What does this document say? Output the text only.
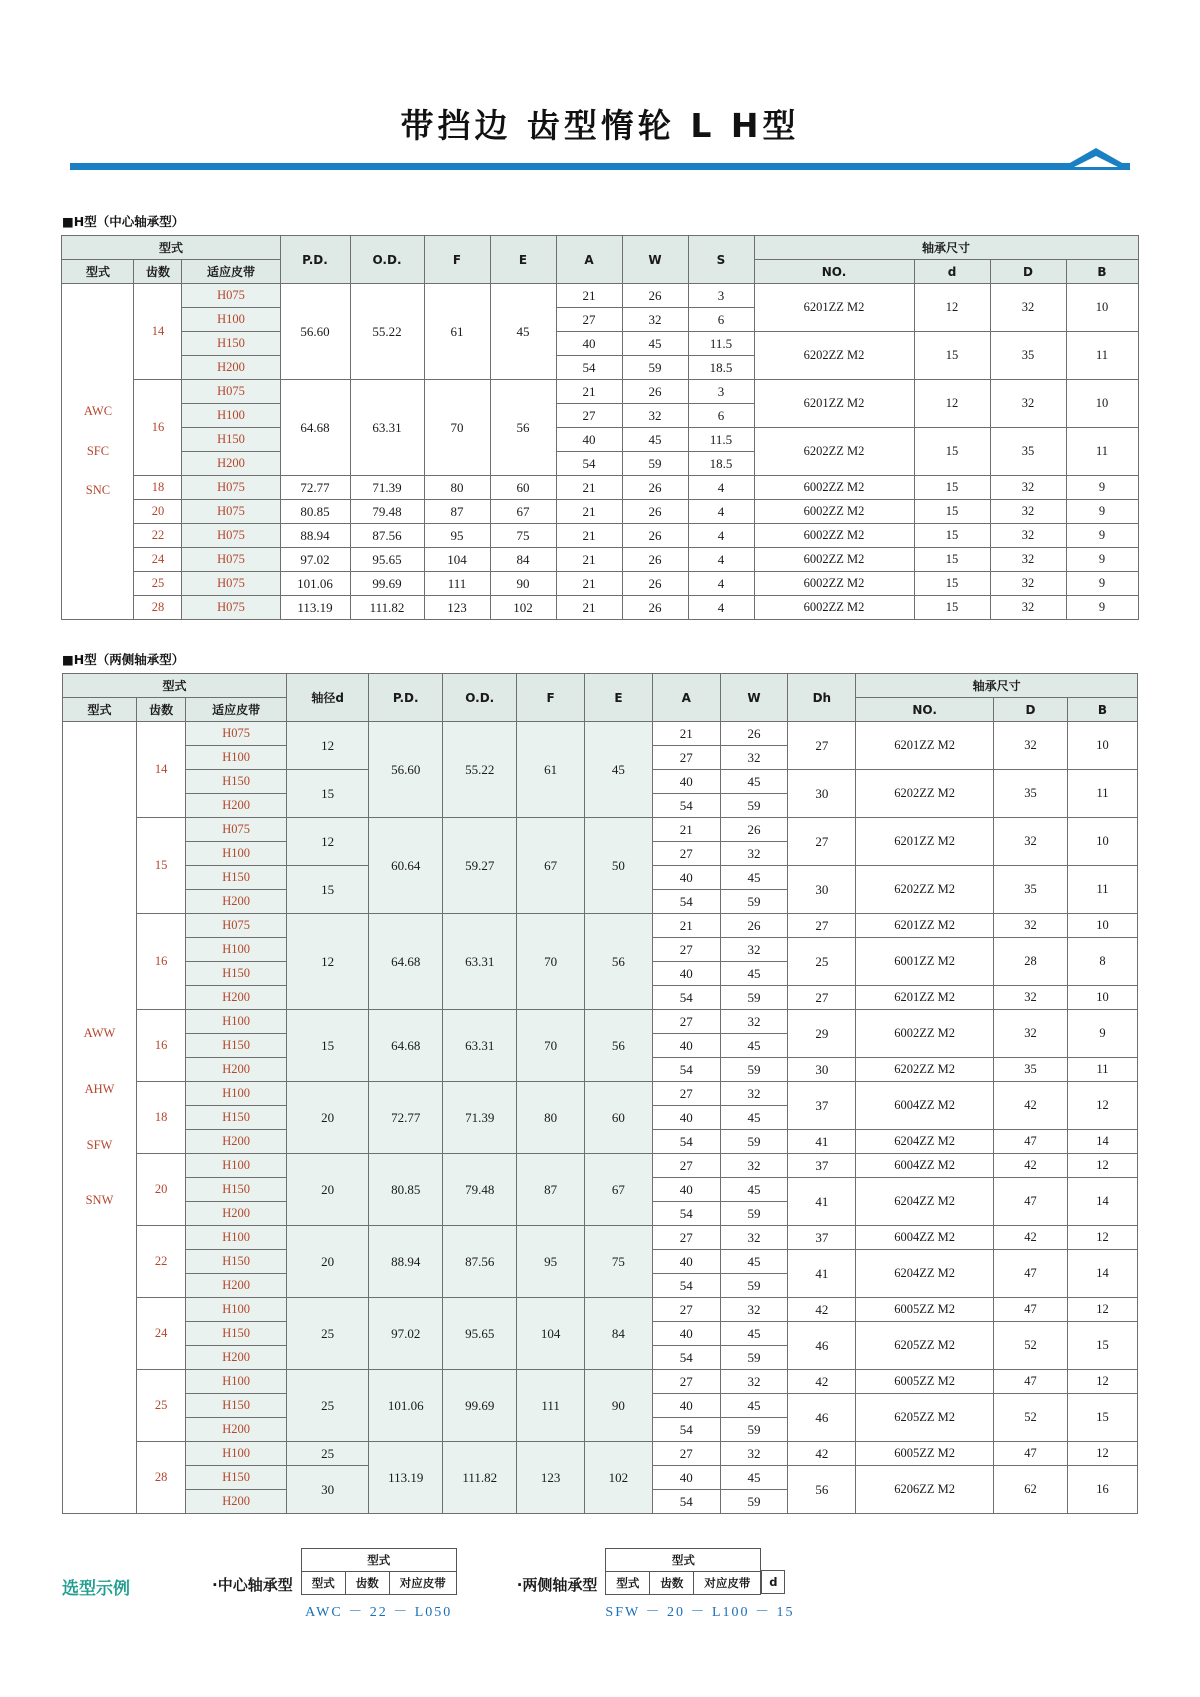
带挡边 齿型惰轮 L H型
■H型（中心轴承型）
型式			P.D.	O.D.	F	E	A	W	S	轴承尺寸			
型式	齿数	适应皮带								NO.	d	D	B

AWC
SFC
SNC	14	H075	56.60	55.22	61	45	21	26	3	6201ZZ M2	12	32	10
		H100					27	32	6				
		H150					40	45	11.5	6202ZZ M2	15	35	11
		H200					54	59	18.5				
	16	H075	64.68	63.31	70	56	21	26	3	6201ZZ M2	12	32	10
		H100					27	32	6				
		H150					40	45	11.5	6202ZZ M2	15	35	11
		H200					54	59	18.5				
	18	H075	72.77	71.39	80	60	21	26	4	6002ZZ M2	15	32	9
	20	H075	80.85	79.48	87	67	21	26	4	6002ZZ M2	15	32	9
	22	H075	88.94	87.56	95	75	21	26	4	6002ZZ M2	15	32	9
	24	H075	97.02	95.65	104	84	21	26	4	6002ZZ M2	15	32	9
	25	H075	101.06	99.69	111	90	21	26	4	6002ZZ M2	15	32	9
	28	H075	113.19	111.82	123	102	21	26	4	6002ZZ M2	15	32	9
■H型（两侧轴承型）
型式			轴径d	P.D.	O.D.	F	E	A	W	Dh	轴承尺寸		
型式	齿数	适应皮带									NO.	D	B

AWW
AHW
SFW
SNW	14	H075	12	56.60	55.22	61	45	21	26	27	6201ZZ M2	32	10
		H100						27	32				
		H150	15					40	45	30	6202ZZ M2	35	11
		H200						54	59				
	15	H075	12	60.64	59.27	67	50	21	26	27	6201ZZ M2	32	10
		H100						27	32				
		H150	15					40	45	30	6202ZZ M2	35	11
		H200						54	59				
	16	H075	12	64.68	63.31	70	56	21	26	27	6201ZZ M2	32	10
		H100						27	32	25	6001ZZ M2	28	8
		H150						40	45				
		H200						54	59	27	6201ZZ M2	32	10
	16	H100	15	64.68	63.31	70	56	27	32	29	6002ZZ M2	32	9
		H150						40	45				
		H200						54	59	30	6202ZZ M2	35	11
	18	H100	20	72.77	71.39	80	60	27	32	37	6004ZZ M2	42	12
		H150						40	45				
		H200						54	59	41	6204ZZ M2	47	14
	20	H100	20	80.85	79.48	87	67	27	32	37	6004ZZ M2	42	12
		H150						40	45	41	6204ZZ M2	47	14
		H200						54	59				
	22	H100	20	88.94	87.56	95	75	27	32	37	6004ZZ M2	42	12
		H150						40	45	41	6204ZZ M2	47	14
		H200						54	59				
	24	H100	25	97.02	95.65	104	84	27	32	42	6005ZZ M2	47	12
		H150						40	45	46	6205ZZ M2	52	15
		H200						54	59				
	25	H100	25	101.06	99.69	111	90	27	32	42	6005ZZ M2	47	12
		H150						40	45	46	6205ZZ M2	52	15
		H200						54	59				
	28	H100	25	113.19	111.82	123	102	27	32	42	6005ZZ M2	47	12
		H150	30					40	45	56	6206ZZ M2	62	16
		H200						54	59				
选型示例	·中心轴承型
型式
型式	齿数	对应皮带
AWC － 22 － L050
·两侧轴承型
型式
型式	齿数	对应皮带	d
SFW － 20 － L100 － 15
